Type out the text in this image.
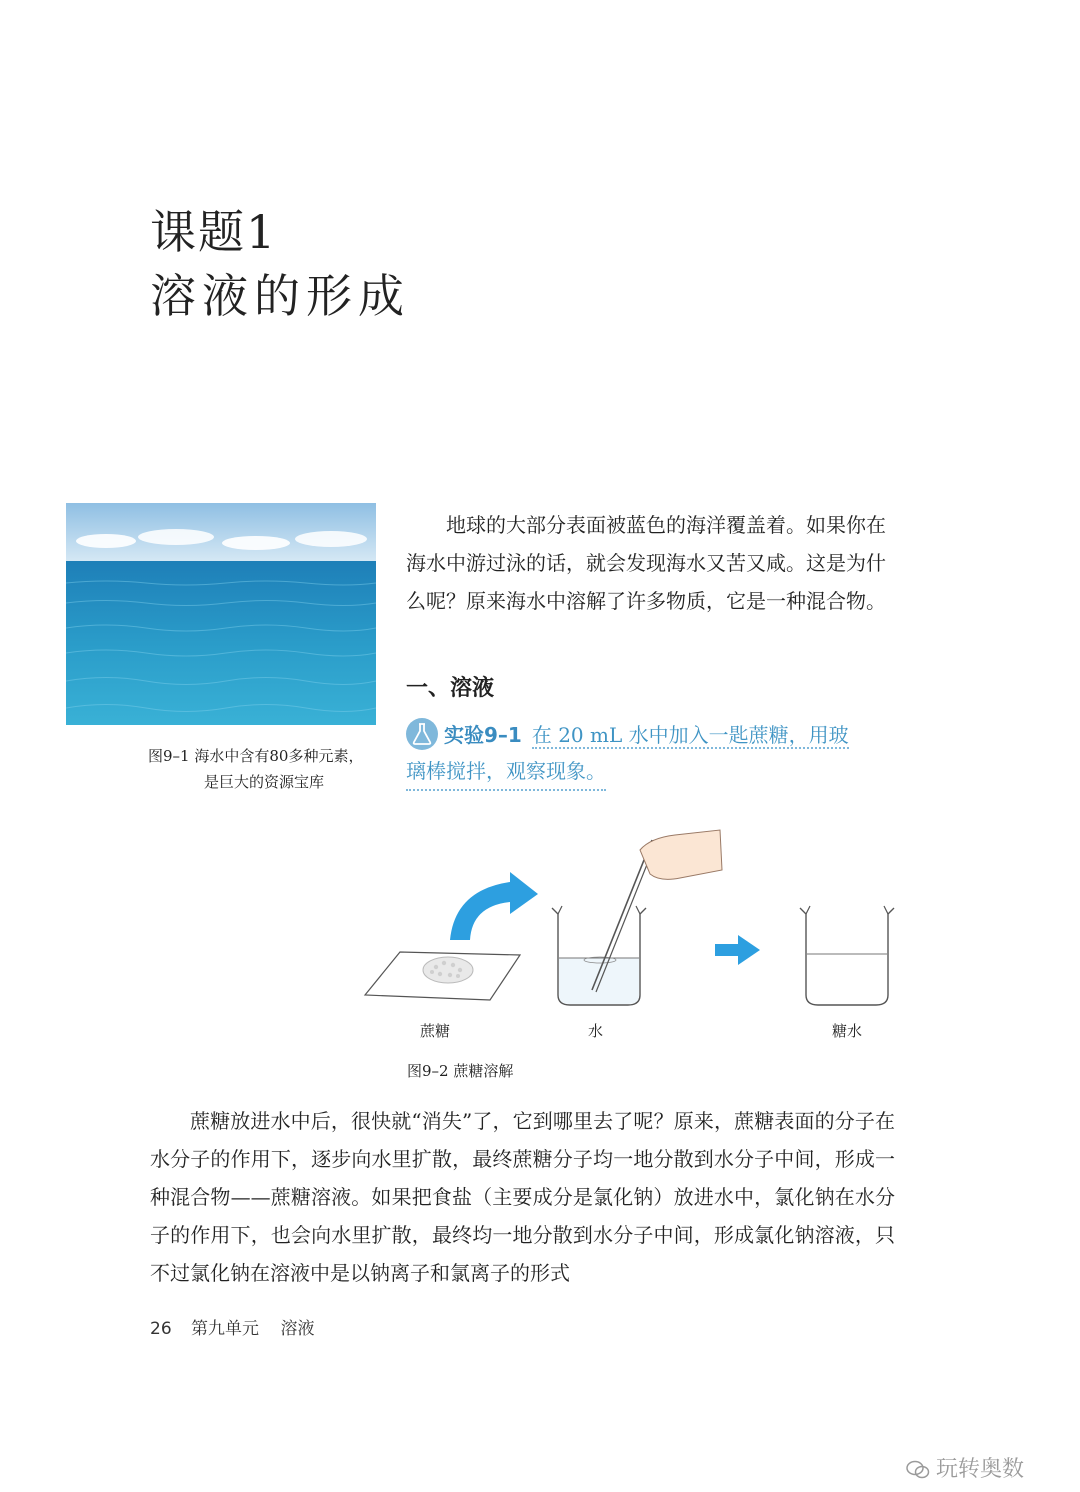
课题1
溶液的形成
图9–1 海水中含有80多种元素，
是巨大的资源宝库

地球的大部分表面被蓝色的海洋覆盖着。如果你在海水中游过泳的话，就会发现海水又苦又咸。这是为什么呢？原来海水中溶解了许多物质，它是一种混合物。

一、溶液
实验9–1 在 20 mL 水中加入一匙蔗糖，用玻
璃棒搅拌，观察现象。
蔗糖	水	糖水
图9–2 蔗糖溶解

蔗糖放进水中后，很快就“消失”了，它到哪里去了呢？原来，蔗糖表面的分子在水分子的作用下，逐步向水里扩散，最终蔗糖分子均一地分散到水分子中间，形成一种混合物——蔗糖溶液。如果把食盐（主要成分是氯化钠）放进水中，氯化钠在水分子的作用下，也会向水里扩散，最终均一地分散到水分子中间，形成氯化钠溶液，只不过氯化钠在溶液中是以钠离子和氯离子的形式

26 第九单元 溶液
玩转奥数
